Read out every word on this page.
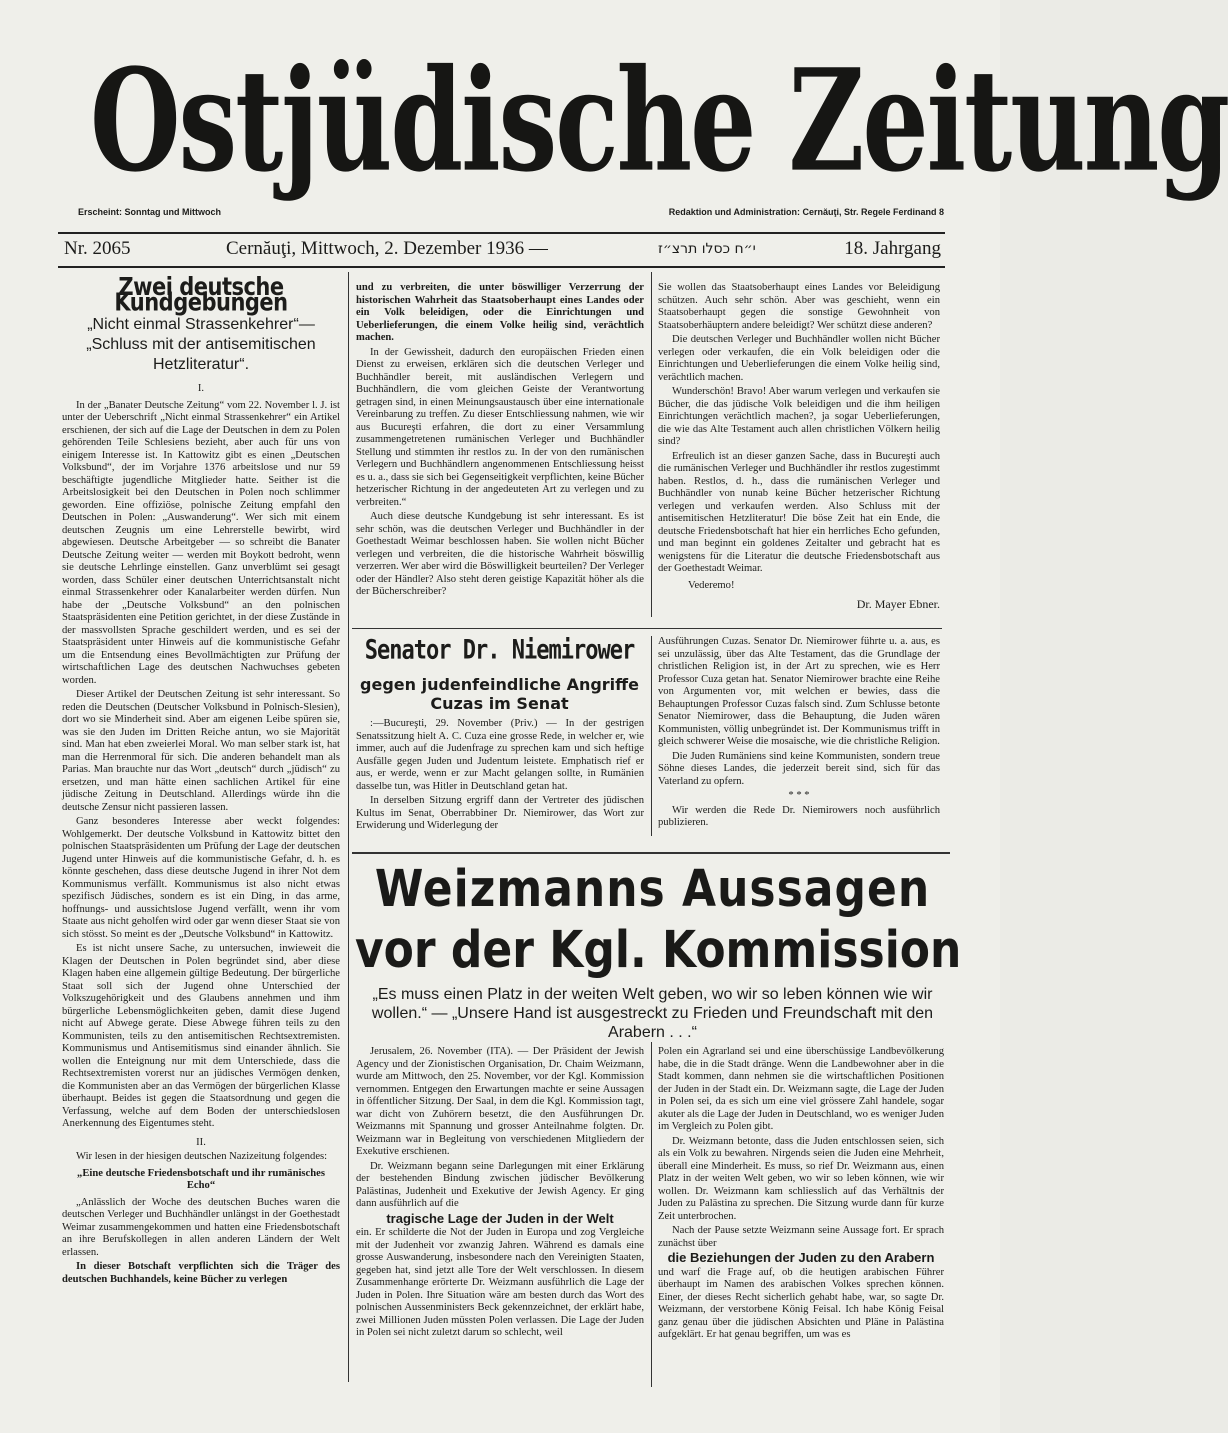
Ostjüdische Zeitung
Erscheint: Sonntag und Mittwoch	Redaktion und Administration: Cernăuţi, Str. Regele Ferdinand 8
Nr. 2065	Cernăuţi, Mittwoch, 2. Dezember 1936 —	י״ח כסלו תרצ״ז	18. Jahrgang
Zwei deutsche Kundgebungen
„Nicht einmal Strassenkehrer“— „Schluss mit der antisemitischen Hetzliteratur“.

I.

In der „Banater Deutsche Zeitung“ vom 22. November l. J. ist unter der Ueberschrift „Nicht einmal Strassenkehrer“ ein Artikel erschienen, der sich auf die Lage der Deutschen in dem zu Polen gehörenden Teile Schlesiens bezieht, aber auch für uns von einigem Interesse ist. In Kattowitz gibt es einen „Deutschen Volksbund“, der im Vorjahre 1376 arbeitslose und nur 59 beschäftigte jugendliche Mitglieder hatte. Seither ist die Arbeitslosigkeit bei den Deutschen in Polen noch schlimmer geworden. Eine offiziöse, polnische Zeitung empfahl den Deutschen in Polen: „Auswanderung“. Wer sich mit einem deutschen Zeugnis um eine Lehrerstelle bewirbt, wird abgewiesen. Deutsche Arbeitgeber — so schreibt die Banater Deutsche Zeitung weiter — werden mit Boykott bedroht, wenn sie deutsche Lehrlinge einstellen. Ganz unverblümt sei gesagt worden, dass Schüler einer deutschen Unterrichtsanstalt nicht einmal Strassenkehrer oder Kanalarbeiter werden dürfen. Nun habe der „Deutsche Volksbund“ an den polnischen Staatspräsidenten eine Petition gerichtet, in der diese Zustände in der massvollsten Sprache geschildert werden, und es sei der Staatspräsident unter Hinweis auf die kommunistische Gefahr um die Entsendung eines Bevollmächtigten zur Prüfung der wirtschaftlichen Lage des deutschen Nachwuchses gebeten worden.

Dieser Artikel der Deutschen Zeitung ist sehr interessant. So reden die Deutschen (Deutscher Volksbund in Polnisch-Slesien), dort wo sie Minderheit sind. Aber am eigenen Leibe spüren sie, was sie den Juden im Dritten Reiche antun, wo sie Majorität sind. Man hat eben zweierlei Moral. Wo man selber stark ist, hat man die Herrenmoral für sich. Die anderen behandelt man als Parias. Man brauchte nur das Wort „deutsch“ durch „jüdisch“ zu ersetzen, und man hätte einen sachlichen Artikel für eine jüdische Zeitung in Deutschland. Allerdings würde ihn die deutsche Zensur nicht passieren lassen.

Ganz besonderes Interesse aber weckt folgendes: Wohlgemerkt. Der deutsche Volksbund in Kattowitz bittet den polnischen Staatspräsidenten um Prüfung der Lage der deutschen Jugend unter Hinweis auf die kommunistische Gefahr, d. h. es könnte geschehen, dass diese deutsche Jugend in ihrer Not dem Kommunismus verfällt. Kommunismus ist also nicht etwas spezifisch Jüdisches, sondern es ist ein Ding, in das arme, hoffnungs- und aussichtslose Jugend verfällt, wenn ihr vom Staate aus nicht geholfen wird oder gar wenn dieser Staat sie von sich stösst. So meint es der „Deutsche Volksbund“ in Kattowitz.

Es ist nicht unsere Sache, zu untersuchen, inwieweit die Klagen der Deutschen in Polen begründet sind, aber diese Klagen haben eine allgemein gültige Bedeutung. Der bürgerliche Staat soll sich der Jugend ohne Unterschied der Volkszugehörigkeit und des Glaubens annehmen und ihm bürgerliche Lebensmöglichkeiten geben, damit diese Jugend nicht auf Abwege gerate. Diese Abwege führen teils zu den Kommunisten, teils zu den antisemitischen Rechtsextremisten. Kommunismus und Antisemitismus sind einander ähnlich. Sie wollen die Enteignung nur mit dem Unterschiede, dass die Rechtsextremisten vorerst nur an jüdisches Vermögen denken, die Kommunisten aber an das Vermögen der bürgerlichen Klasse überhaupt. Beides ist gegen die Staatsordnung und gegen die Verfassung, welche auf dem Boden der unterschiedslosen Anerkennung des Eigentumes steht.

II.

Wir lesen in der hiesigen deutschen Nazizeitung folgendes:

„Eine deutsche Friedensbotschaft und ihr rumänisches Echo“

„Anlässlich der Woche des deutschen Buches waren die deutschen Verleger und Buchhändler unlängst in der Goethestadt Weimar zusammengekommen und hatten eine Friedensbotschaft an ihre Berufskollegen in allen anderen Ländern der Welt erlassen.

In dieser Botschaft verpflichten sich die Träger des deutschen Buchhandels, keine Bücher zu verlegen

und zu verbreiten, die unter böswilliger Verzerrung der historischen Wahrheit das Staatsoberhaupt eines Landes oder ein Volk beleidigen, oder die Einrichtungen und Ueberlieferungen, die einem Volke heilig sind, verächtlich machen.

In der Gewissheit, dadurch den europäischen Frieden einen Dienst zu erweisen, erklären sich die deutschen Verleger und Buchhändler bereit, mit ausländischen Verlegern und Buchhändlern, die vom gleichen Geiste der Verantwortung getragen sind, in einen Meinungsaustausch über eine internationale Vereinbarung zu treffen. Zu dieser Entschliessung nahmen, wie wir aus Bucureşti erfahren, die dort zu einer Versammlung zusammengetretenen rumänischen Verleger und Buchhändler Stellung und stimmten ihr restlos zu. In der von den rumänischen Verlegern und Buchhändlern angenommenen Entschliessung heisst es u. a., dass sie sich bei Gegenseitigkeit verpflichten, keine Bücher hetzerischer Richtung in der angedeuteten Art zu verlegen und zu verbreiten.“

Auch diese deutsche Kundgebung ist sehr interessant. Es ist sehr schön, was die deutschen Verleger und Buchhändler in der Goethestadt Weimar beschlossen haben. Sie wollen nicht Bücher verlegen und verbreiten, die die historische Wahrheit böswillig verzerren. Wer aber wird die Böswilligkeit beurteilen? Der Verleger oder der Händler? Also steht deren geistige Kapazität höher als die der Bücherschreiber?

Sie wollen das Staatsoberhaupt eines Landes vor Beleidigung schützen. Auch sehr schön. Aber was geschieht, wenn ein Staatsoberhaupt gegen die sonstige Gewohnheit von Staatsoberhäuptern andere beleidigt? Wer schützt diese anderen?

Die deutschen Verleger und Buchhändler wollen nicht Bücher verlegen oder verkaufen, die ein Volk beleidigen oder die Einrichtungen und Ueberlieferungen die einem Volke heilig sind, verächtlich machen.

Wunderschön! Bravo! Aber warum verlegen und verkaufen sie Bücher, die das jüdische Volk beleidigen und die ihm heiligen Einrichtungen verächtlich machen?, ja sogar Ueberlieferungen, die wie das Alte Testament auch allen christlichen Völkern heilig sind?

Erfreulich ist an dieser ganzen Sache, dass in Bucureşti auch die rumänischen Verleger und Buchhändler ihr restlos zugestimmt haben. Restlos, d. h., dass die rumänischen Verleger und Buchhändler von nunab keine Bücher hetzerischer Richtung verlegen und verkaufen werden. Also Schluss mit der antisemitischen Hetzliteratur! Die böse Zeit hat ein Ende, die deutsche Friedensbotschaft hat hier ein herrliches Echo gefunden, und man beginnt ein goldenes Zeitalter und gebracht hat es wenigstens für die Literatur die deutsche Friedensbotschaft aus der Goethestadt Weimar.

Vederemo!

Dr. Mayer Ebner.
Senator Dr. Niemirower
gegen judenfeindliche Angriffe Cuzas im Senat

:—Bucureşti, 29. November (Priv.) — In der gestrigen Senatssitzung hielt A. C. Cuza eine grosse Rede, in welcher er, wie immer, auch auf die Judenfrage zu sprechen kam und sich heftige Ausfälle gegen Juden und Judentum leistete. Emphatisch rief er aus, er werde, wenn er zur Macht gelangen sollte, in Rumänien dasselbe tun, was Hitler in Deutschland getan hat.

In derselben Sitzung ergriff dann der Vertreter des jüdischen Kultus im Senat, Oberrabbiner Dr. Niemirower, das Wort zur Erwiderung und Widerlegung der

Ausführungen Cuzas. Senator Dr. Niemirower führte u. a. aus, es sei unzulässig, über das Alte Testament, das die Grundlage der christlichen Religion ist, in der Art zu sprechen, wie es Herr Professor Cuza getan hat. Senator Niemirower brachte eine Reihe von Argumenten vor, mit welchen er bewies, dass die Behauptungen Professor Cuzas falsch sind. Zum Schlusse betonte Senator Niemirower, dass die Behauptung, die Juden wären Kommunisten, völlig unbegründet ist. Der Kommunismus trifft in gleich schwerer Weise die mosaische, wie die christliche Religion.

Die Juden Rumäniens sind keine Kommunisten, sondern treue Söhne dieses Landes, die jederzeit bereit sind, sich für das Vaterland zu opfern.

* * *

Wir werden die Rede Dr. Niemirowers noch ausführlich publizieren.

Weizmanns Aussagen
vor der Kgl. Kommission
„Es muss einen Platz in der weiten Welt geben, wo wir so leben können wie wir wollen.“ — „Unsere Hand ist ausgestreckt zu Frieden und Freundschaft mit den Arabern . . .“

Jerusalem, 26. November (ITA). — Der Präsident der Jewish Agency und der Zionistischen Organisation, Dr. Chaim Weizmann, wurde am Mittwoch, den 25. November, vor der Kgl. Kommission vernommen. Entgegen den Erwartungen machte er seine Aussagen in öffentlicher Sitzung. Der Saal, in dem die Kgl. Kommission tagt, war dicht von Zuhörern besetzt, die den Ausführungen Dr. Weizmanns mit Spannung und grosser Anteilnahme folgten. Dr. Weizmann war in Begleitung von verschiedenen Mitgliedern der Exekutive erschienen.

Dr. Weizmann begann seine Darlegungen mit einer Erklärung der bestehenden Bindung zwischen jüdischer Bevölkerung Palästinas, Judenheit und Exekutive der Jewish Agency. Er ging dann ausführlich auf die

tragische Lage der Juden in der Welt

ein. Er schilderte die Not der Juden in Europa und zog Vergleiche mit der Judenheit vor zwanzig Jahren. Während es damals eine grosse Auswanderung, insbesondere nach den Vereinigten Staaten, gegeben hat, sind jetzt alle Tore der Welt verschlossen. In diesem Zusammenhange erörterte Dr. Weizmann ausführlich die Lage der Juden in Polen. Ihre Situation wäre am besten durch das Wort des polnischen Aussenministers Beck gekennzeichnet, der erklärt habe, zwei Millionen Juden müssten Polen verlassen. Die Lage der Juden in Polen sei nicht zuletzt darum so schlecht, weil

Polen ein Agrarland sei und eine überschüssige Landbevölkerung habe, die in die Stadt dränge. Wenn die Landbewohner aber in die Stadt kommen, dann nehmen sie die wirtschaftlichen Positionen der Juden in der Stadt ein. Dr. Weizmann sagte, die Lage der Juden in Polen sei, da es sich um eine viel grössere Zahl handele, sogar akuter als die Lage der Juden in Deutschland, wo es weniger Juden im Vergleich zu Polen gibt.

Dr. Weizmann betonte, dass die Juden entschlossen seien, sich als ein Volk zu bewahren. Nirgends seien die Juden eine Mehrheit, überall eine Minderheit. Es muss, so rief Dr. Weizmann aus, einen Platz in der weiten Welt geben, wo wir so leben können, wie wir wollen. Dr. Weizmann kam schliesslich auf das Verhältnis der Juden zu Palästina zu sprechen. Die Sitzung wurde dann für kurze Zeit unterbrochen.

Nach der Pause setzte Weizmann seine Aussage fort. Er sprach zunächst über

die Beziehungen der Juden zu den Arabern

und warf die Frage auf, ob die heutigen arabischen Führer überhaupt im Namen des arabischen Volkes sprechen können. Einer, der dieses Recht sicherlich gehabt habe, war, so sagte Dr. Weizmann, der verstorbene König Feisal. Ich habe König Feisal ganz genau über die jüdischen Absichten und Pläne in Palästina aufgeklärt. Er hat genau begriffen, um was es
